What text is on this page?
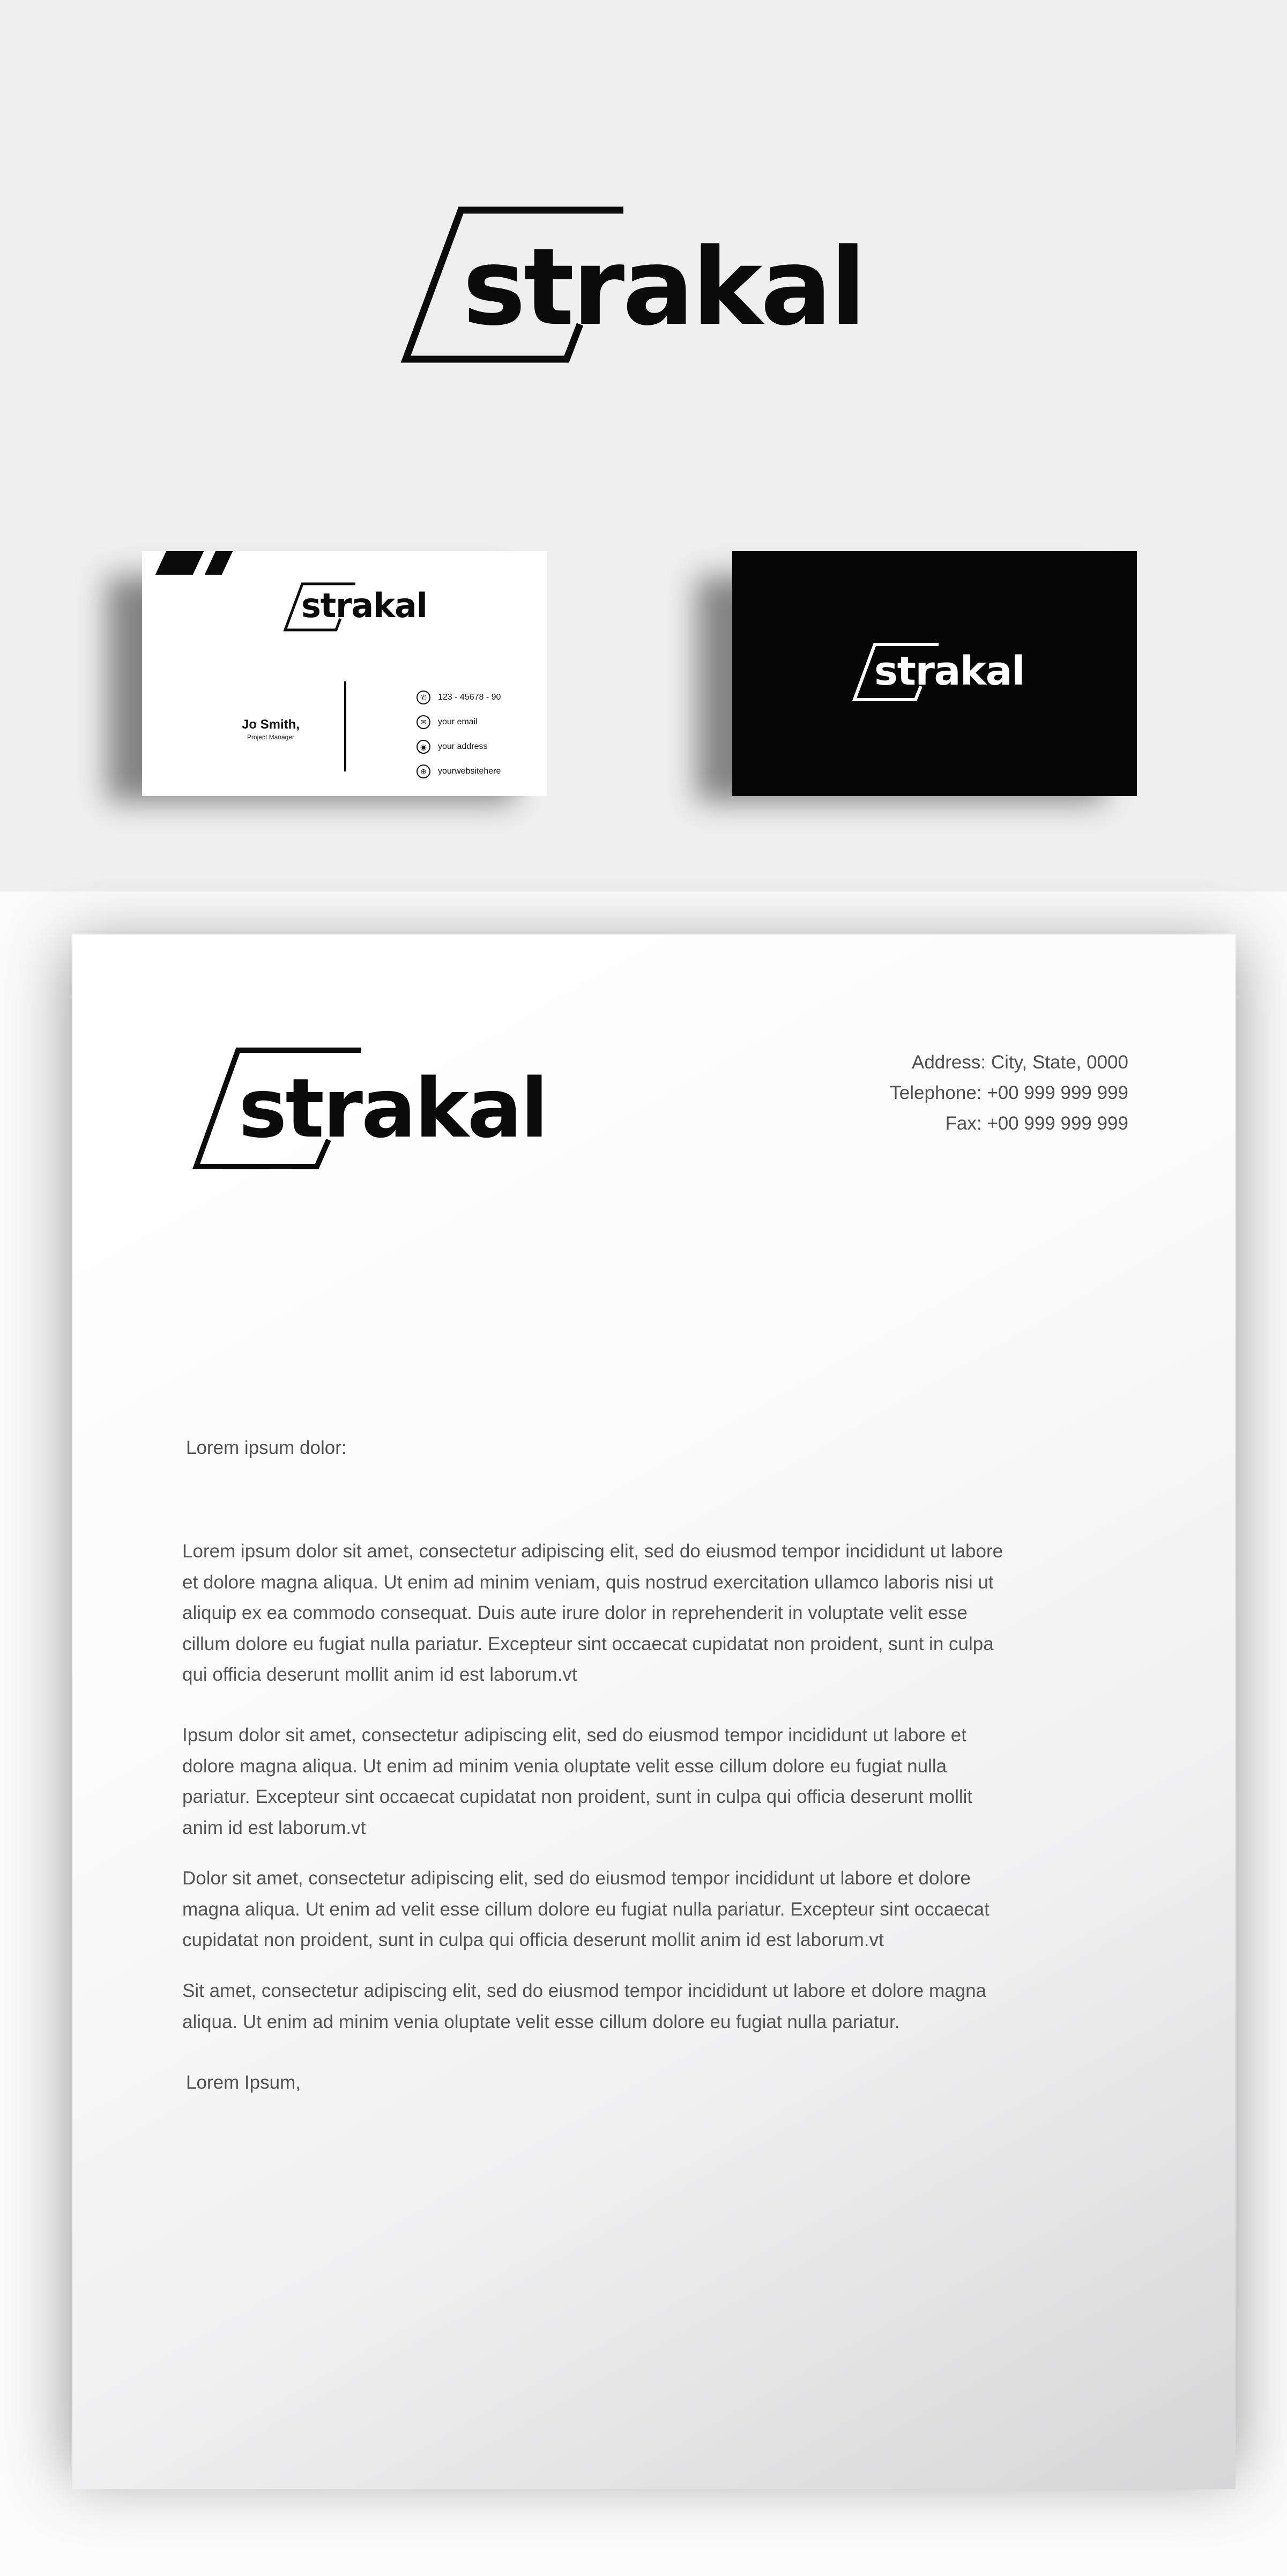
strakal
strakal
Jo Smith,
Project Manager
✆	123 - 45678 - 90
✉	your email
◉	your address
⊕	yourwebsitehere
strakal
strakal	Address: City, State, 0000
Telephone: +00 999 999 999
Fax: +00 999 999 999
Lorem ipsum dolor:

Lorem ipsum dolor sit amet, consectetur adipiscing elit, sed do eiusmod tempor incididunt ut labore et dolore magna aliqua. Ut enim ad minim veniam, quis nostrud exercitation ullamco laboris nisi ut aliquip ex ea commodo consequat. Duis aute irure dolor in reprehenderit in voluptate velit esse cillum dolore eu fugiat nulla pariatur. Excepteur sint occaecat cupidatat non proident, sunt in culpa qui officia deserunt mollit anim id est laborum.vt

Ipsum dolor sit amet, consectetur adipiscing elit, sed do eiusmod tempor incididunt ut labore et dolore magna aliqua. Ut enim ad minim venia oluptate velit esse cillum dolore eu fugiat nulla pariatur. Excepteur sint occaecat cupidatat non proident, sunt in culpa qui officia deserunt mollit anim id est laborum.vt

Dolor sit amet, consectetur adipiscing elit, sed do eiusmod tempor incididunt ut labore et dolore magna aliqua. Ut enim ad velit esse cillum dolore eu fugiat nulla pariatur. Excepteur sint occaecat cupidatat non proident, sunt in culpa qui officia deserunt mollit anim id est laborum.vt

Sit amet, consectetur adipiscing elit, sed do eiusmod tempor incididunt ut labore et dolore magna aliqua. Ut enim ad minim venia oluptate velit esse cillum dolore eu fugiat nulla pariatur.

Lorem Ipsum,
